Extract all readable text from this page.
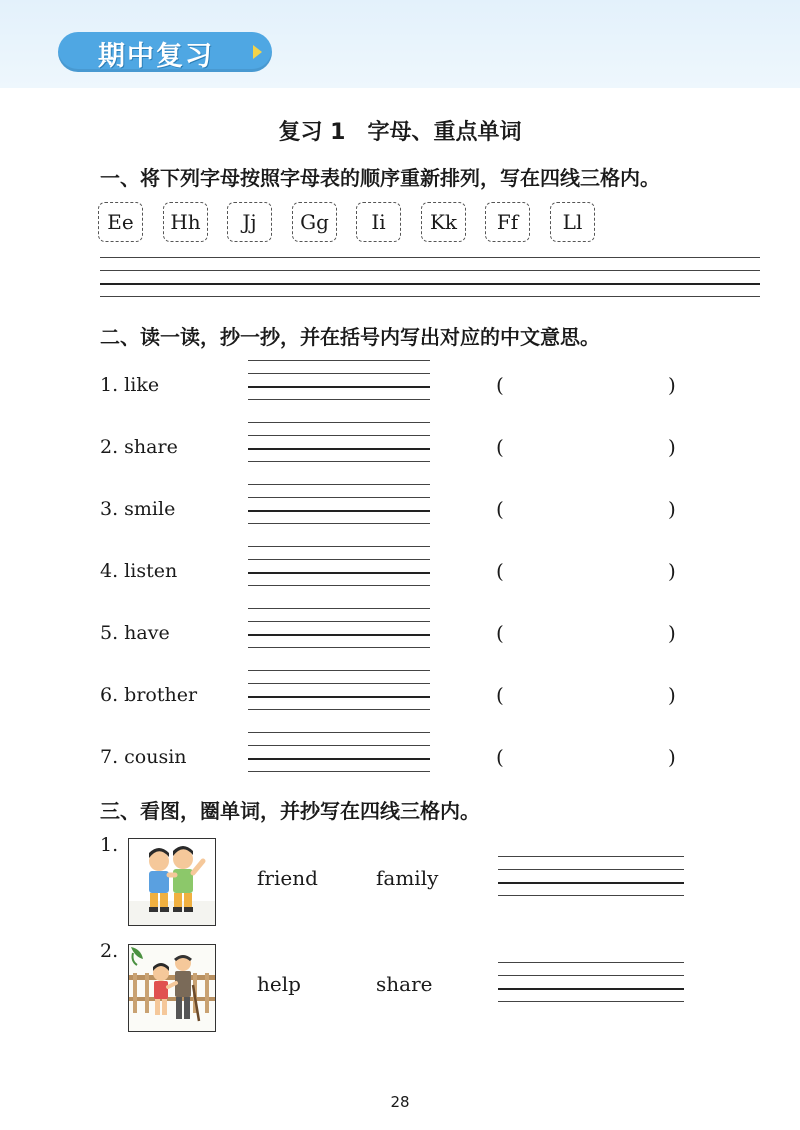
期中复习
复习 1　字母、重点单词
一、将下列字母按照字母表的顺序重新排列，写在四线三格内。
Ee	Hh	Jj	Gg	Ii	Kk	Ff	Ll
二、读一读，抄一抄，并在括号内写出对应的中文意思。
1. like	(	)
2. share	(	)
3. smile	(	)
4. listen	(	)
5. have	(	)
6. brother	(	)
7. cousin	(	)
三、看图，圈单词，并抄写在四线三格内。
1.
friend	family
2.
help	share
28
